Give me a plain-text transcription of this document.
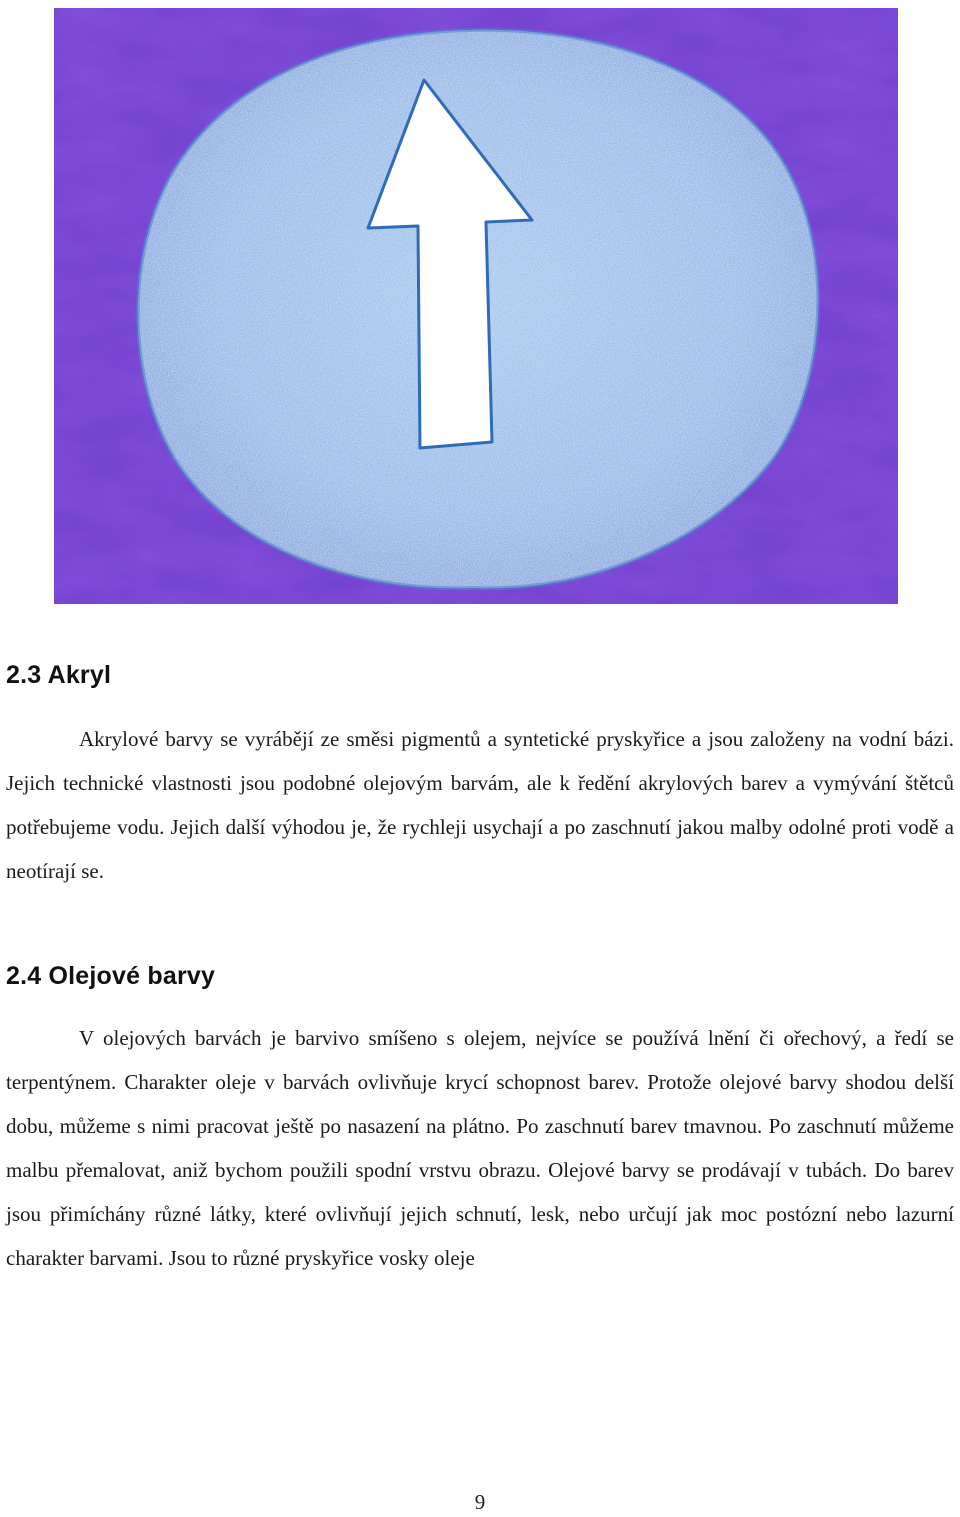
2.3 Akryl

Akrylové barvy se vyrábějí ze směsi pigmentů a syntetické pryskyřice a jsou založeny na vodní bázi. Jejich technické vlastnosti jsou podobné olejovým barvám, ale k ředění akrylových barev a vymývání štětců potřebujeme vodu. Jejich další výhodou je, že rychleji usychají a po zaschnutí jakou malby odolné proti vodě a neotírají se.

2.4 Olejové barvy

V olejových barvách je barvivo smíšeno s olejem, nejvíce se používá lnění či ořechový, a ředí se terpentýnem. Charakter oleje v barvách ovlivňuje krycí schopnost barev. Protože olejové barvy shodou delší dobu, můžeme s nimi pracovat ještě po nasazení na plátno. Po zaschnutí barev tmavnou. Po zaschnutí můžeme malbu přemalovat, aniž bychom použili spodní vrstvu obrazu. Olejové barvy se prodávají v tubách. Do barev jsou přimíchány různé látky, které ovlivňují jejich schnutí, lesk, nebo určují jak moc postózní nebo lazurní charakter barvami. Jsou to různé pryskyřice vosky oleje

9
